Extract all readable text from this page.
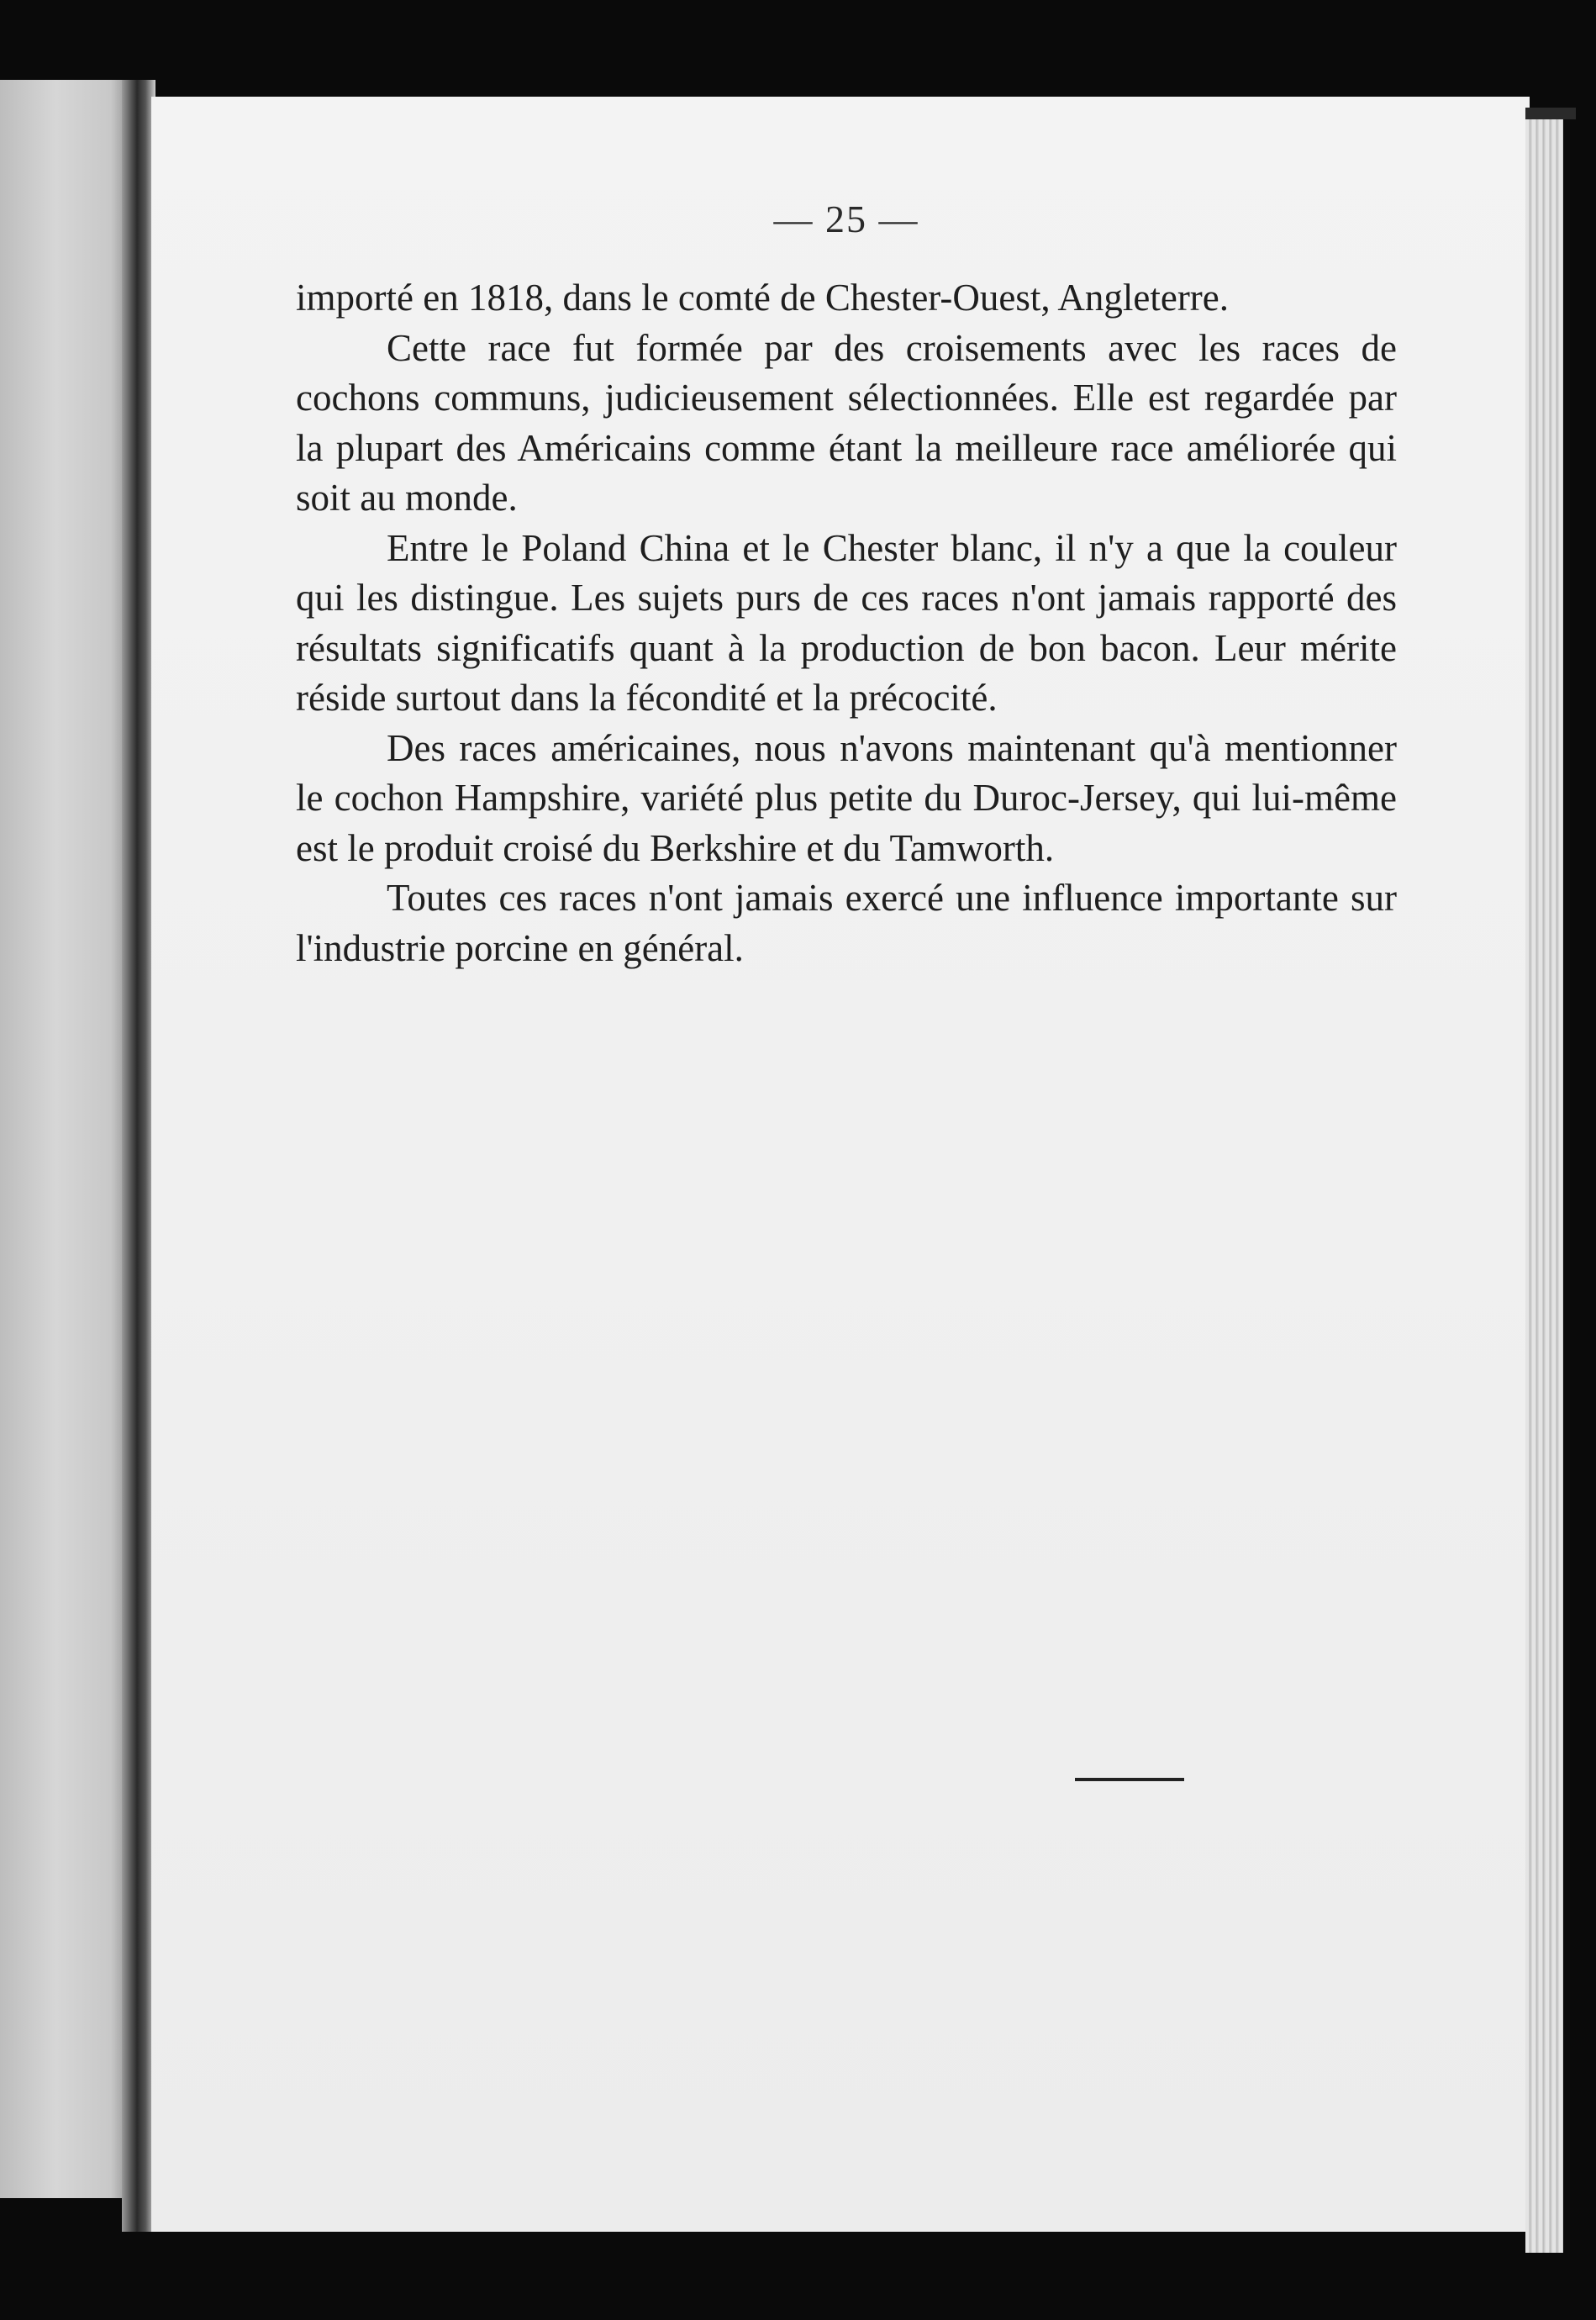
— 25 —

importé en 1818, dans le comté de Chester-Ouest, Angleterre.

Cette race fut formée par des croisements avec les races de cochons communs, judicieusement sélectionnées. Elle est regardée par la plupart des Américains comme étant la meilleure race améliorée qui soit au monde.

Entre le Poland China et le Chester blanc, il n'y a que la couleur qui les distingue. Les sujets purs de ces races n'ont jamais rapporté des résultats significatifs quant à la production de bon bacon. Leur mérite réside surtout dans la fécondité et la précocité.

Des races américaines, nous n'avons maintenant qu'à mentionner le cochon Hampshire, variété plus petite du Duroc-Jersey, qui lui-même est le produit croisé du Berkshire et du Tamworth.

Toutes ces races n'ont jamais exercé une influence importante sur l'industrie porcine en général.
